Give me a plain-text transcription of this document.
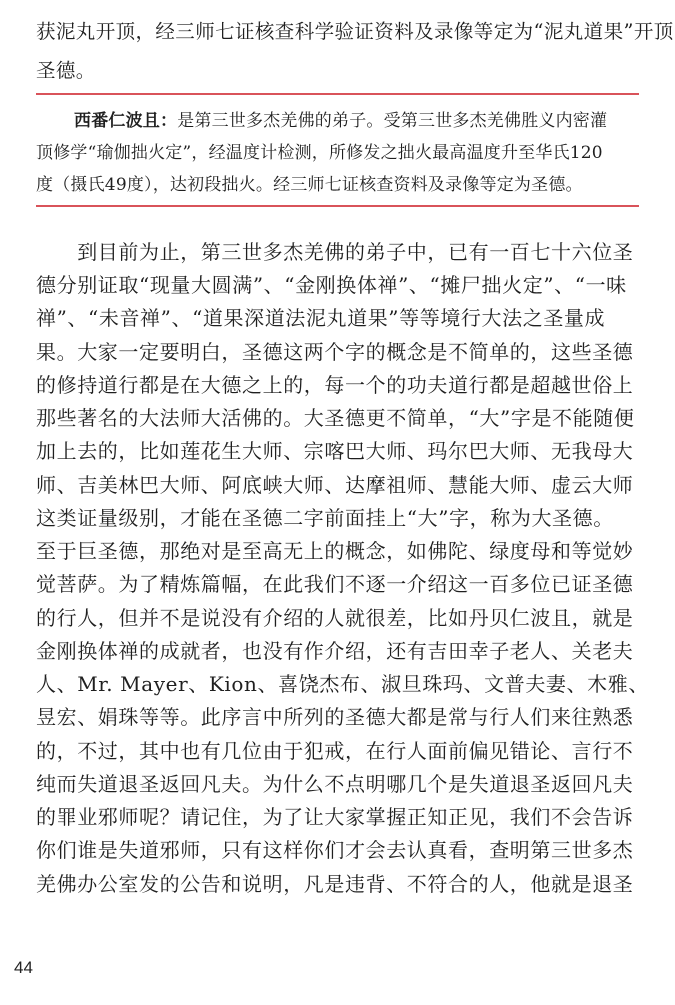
获泥丸开顶，经三师七证核查科学验证资料及录像等定为“泥丸道果”开顶

圣德。

西番仁波且：是第三世多杰羌佛的弟子。受第三世多杰羌佛胜义内密灌

顶修学“瑜伽拙火定”，经温度计检测，所修发之拙火最高温度升至华氏120

度（摄氏49度），达初段拙火。经三师七证核查资料及录像等定为圣德。

　　到目前为止，第三世多杰羌佛的弟子中，已有一百七十六位圣

德分别证取“现量大圆满”、“金刚换体禅”、“摊尸拙火定”、“一味

禅”、“未音禅”、“道果深道法泥丸道果”等等境行大法之圣量成

果。大家一定要明白，圣德这两个字的概念是不简单的，这些圣德

的修持道行都是在大德之上的，每一个的功夫道行都是超越世俗上

那些著名的大法师大活佛的。大圣德更不简单，“大”字是不能随便

加上去的，比如莲花生大师、宗喀巴大师、玛尔巴大师、无我母大

师、吉美林巴大师、阿底峡大师、达摩祖师、慧能大师、虚云大师

这类证量级别，才能在圣德二字前面挂上“大”字，称为大圣德。

至于巨圣德，那绝对是至高无上的概念，如佛陀、绿度母和等觉妙

觉菩萨。为了精炼篇幅，在此我们不逐一介绍这一百多位已证圣德

的行人，但并不是说没有介绍的人就很差，比如丹贝仁波且，就是

金刚换体禅的成就者，也没有作介绍，还有吉田幸子老人、关老夫

人、Mr. Mayer、Kion、喜饶杰布、淑旦珠玛、文普夫妻、木雅、

昱宏、娟珠等等。此序言中所列的圣德大都是常与行人们来往熟悉

的，不过，其中也有几位由于犯戒，在行人面前偏见错论、言行不

纯而失道退圣返回凡夫。为什么不点明哪几个是失道退圣返回凡夫

的罪业邪师呢？请记住，为了让大家掌握正知正见，我们不会告诉

你们谁是失道邪师，只有这样你们才会去认真看，查明第三世多杰

羌佛办公室发的公告和说明，凡是违背、不符合的人，他就是退圣

44
